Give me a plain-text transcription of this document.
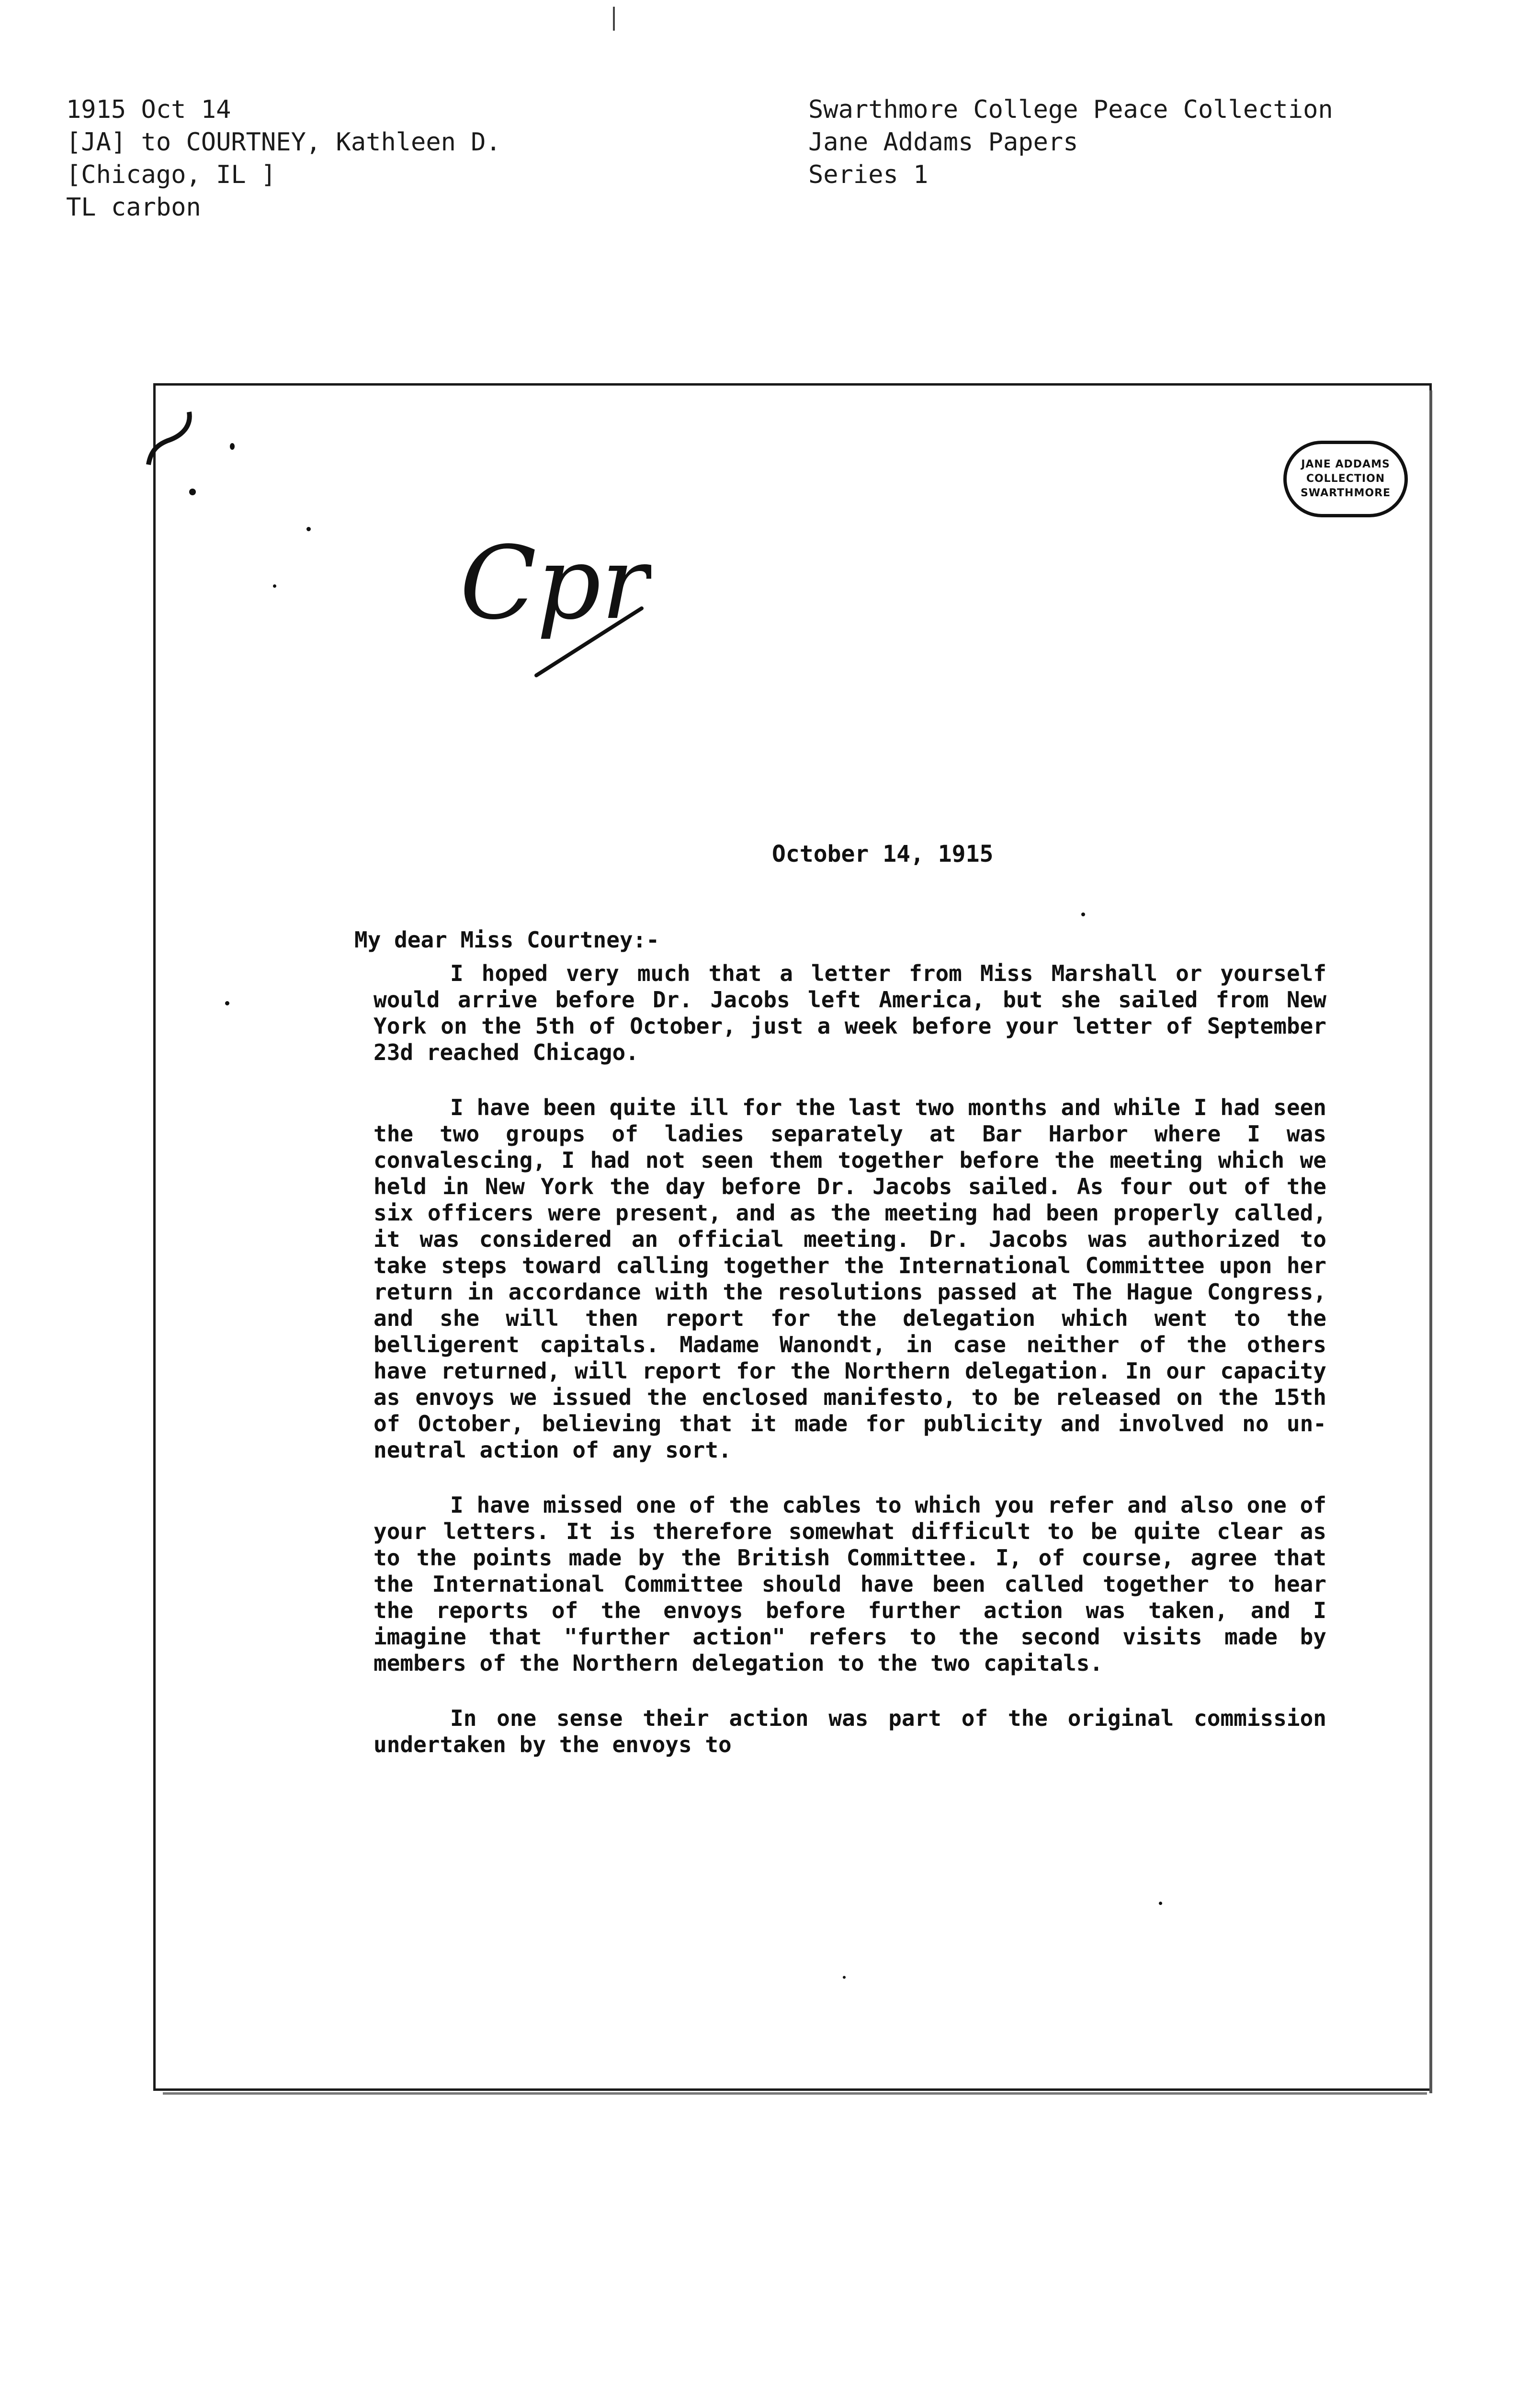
1915 Oct 14
[JA] to COURTNEY, Kathleen D.
[Chicago, IL ]
TL carbon
Swarthmore College Peace Collection
Jane Addams Papers
Series 1
JANE ADDAMS
COLLECTION
SWARTHMORE
Cpr
October 14, 1915
My dear Miss Courtney:-

I hoped very much that a letter from Miss Marshall or yourself would arrive before Dr. Jacobs left America, but she sailed from New York on the 5th of October, just a week before your letter of September 23d reached Chicago.

I have been quite ill for the last two months and while I had seen the two groups of ladies separately at Bar Harbor where I was convalescing, I had not seen them together before the meeting which we held in New York the day before Dr. Jacobs sailed. As four out of the six officers were present, and as the meeting had been properly called, it was considered an official meeting. Dr. Jacobs was authorized to take steps toward calling together the International Committee upon her return in accordance with the resolutions passed at The Hague Congress, and she will then report for the delegation which went to the belligerent capitals. Madame Wanondt, in case neither of the others have returned, will report for the Northern delegation. In our capacity as envoys we issued the enclosed manifesto, to be released on the 15th of October, believing that it made for publicity and involved no un-neutral action of any sort.

I have missed one of the cables to which you refer and also one of your letters. It is therefore somewhat difficult to be quite clear as to the points made by the British Committee. I, of course, agree that the International Committee should have been called together to hear the reports of the envoys before further action was taken, and I imagine that "further action" refers to the second visits made by members of the Northern delegation to the two capitals.

In one sense their action was part of the original commission undertaken by the envoys to
